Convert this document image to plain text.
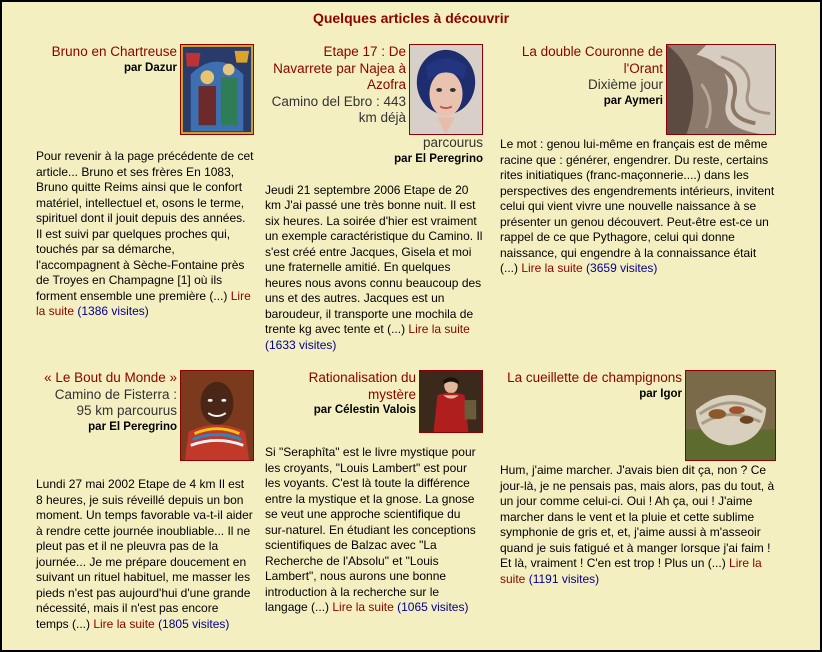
Quelques articles à découvrir
Bruno en Chartreuse
par Dazur
Pour revenir à la page précédente de cet article... Bruno et ses frères En 1083, Bruno quitte Reims ainsi que le confort matériel, intellectuel et, osons le terme, spirituel dont il jouit depuis des années. Il est suivi par quelques proches qui, touchés par sa démarche, l'accompagnent à Sèche-Fontaine près de Troyes en Champagne [1] où ils forment ensemble une première (...) Lire la suite (1386 visites)
Etape 17 : De Navarrete par Najea à Azofra
Camino del Ebro : 443 km déjà
parcourus
par El Peregrino
Jeudi 21 septembre 2006 Etape de 20 km J'ai passé une très bonne nuit. Il est six heures. La soirée d'hier est vraiment un exemple caractéristique du Camino. Il s'est créé entre Jacques, Gisela et moi une fraternelle amitié. En quelques heures nous avons connu beaucoup des uns et des autres. Jacques est un baroudeur, il transporte une mochila de trente kg avec tente et (...) Lire la suite (1633 visites)
La double Couronne de l'Orant
Dixième jour
par Aymeri
Le mot : genou lui-même en français est de même racine que : générer, engendrer. Du reste, certains rites initiatiques (franc-maçonnerie....) dans les perspectives des engendrements intérieurs, invitent celui qui vient vivre une nouvelle naissance à se présenter un genou découvert. Peut-être est-ce un rappel de ce que Pythagore, celui qui donne naissance, qui engendre à la connaissance était (...) Lire la suite (3659 visites)
« Le Bout du Monde »
Camino de Fisterra : 95 km parcourus
par El Peregrino
Lundi 27 mai 2002 Etape de 4 km Il est 8 heures, je suis réveillé depuis un bon moment. Un temps favorable va-t-il aider à rendre cette journée inoubliable... Il ne pleut pas et il ne pleuvra pas de la journée... Je me prépare doucement en suivant un rituel habituel, me masser les pieds n'est pas aujourd'hui d'une grande nécessité, mais il n'est pas encore temps (...) Lire la suite (1805 visites)
Rationalisation du mystère
par Célestin Valois
Si "Seraphîta" est le livre mystique pour les croyants, "Louis Lambert" est pour les voyants. C'est là toute la différence entre la mystique et la gnose. La gnose se veut une approche scientifique du sur-naturel. En étudiant les conceptions scientifiques de Balzac avec "La Recherche de l'Absolu" et "Louis Lambert", nous aurons une bonne introduction à la recherche sur le langage (...) Lire la suite (1065 visites)
La cueillette de champignons
par Igor
Hum, j'aime marcher. J'avais bien dit ça, non ? Ce jour-là, je ne pensais pas, mais alors, pas du tout, à un jour comme celui-ci. Oui ! Ah ça, oui ! J'aime marcher dans le vent et la pluie et cette sublime symphonie de gris et, et, j'aime aussi à m'asseoir quand je suis fatigué et à manger lorsque j'ai faim ! Et là, vraiment ! C'en est trop ! Plus un (...) Lire la suite (1191 visites)
